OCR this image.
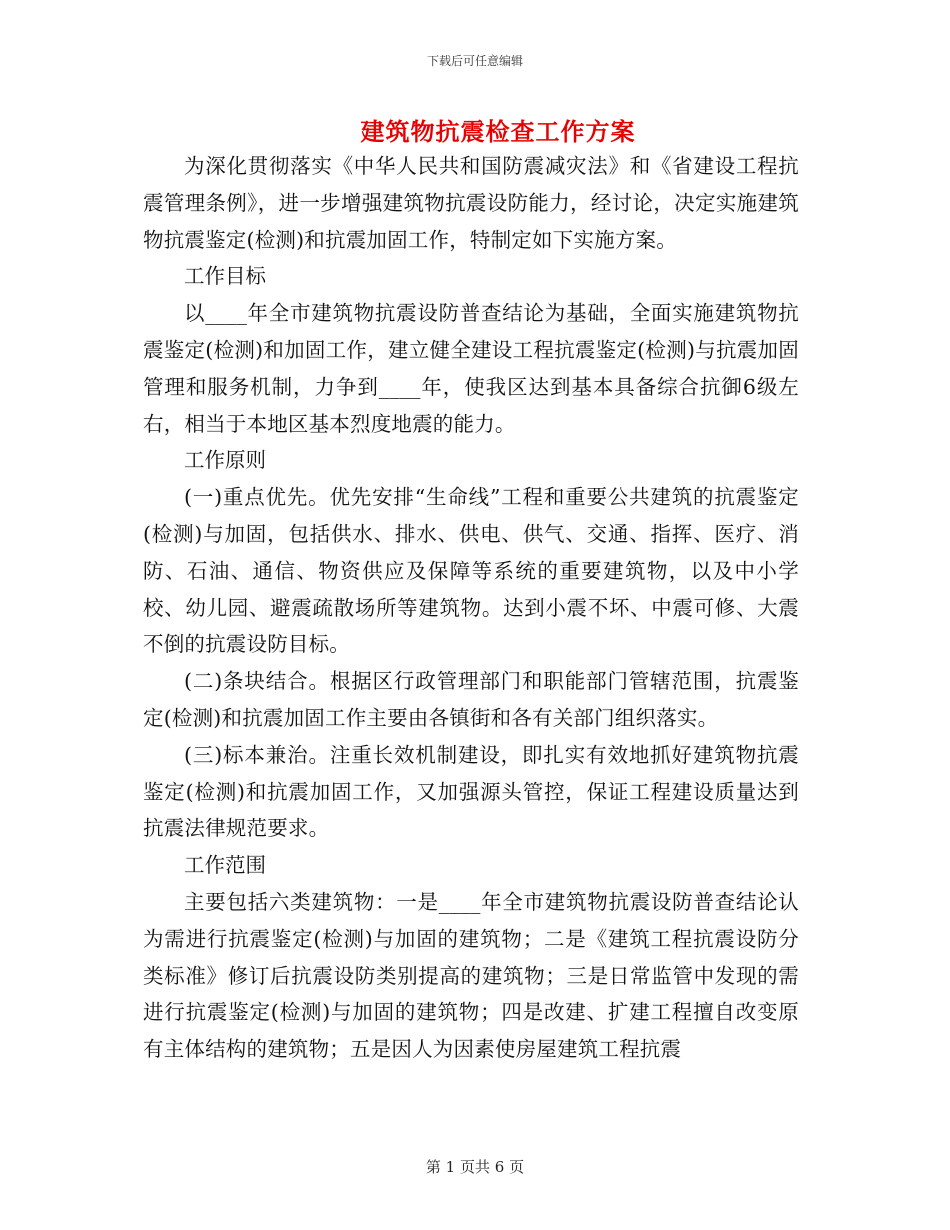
下载后可任意编辑
建筑物抗震检查工作方案

为深化贯彻落实《中华人民共和国防震减灾法》和《省建设工程抗震管理条例》，进一步增强建筑物抗震设防能力，经讨论，决定实施建筑物抗震鉴定(检测)和抗震加固工作，特制定如下实施方案。

工作目标

以____年全市建筑物抗震设防普查结论为基础，全面实施建筑物抗震鉴定(检测)和加固工作，建立健全建设工程抗震鉴定(检测)与抗震加固管理和服务机制，力争到____年，使我区达到基本具备综合抗御6级左右，相当于本地区基本烈度地震的能力。

工作原则

(一)重点优先。优先安排“生命线”工程和重要公共建筑的抗震鉴定(检测)与加固，包括供水、排水、供电、供气、交通、指挥、医疗、消防、石油、通信、物资供应及保障等系统的重要建筑物，以及中小学校、幼儿园、避震疏散场所等建筑物。达到小震不坏、中震可修、大震不倒的抗震设防目标。

(二)条块结合。根据区行政管理部门和职能部门管辖范围，抗震鉴定(检测)和抗震加固工作主要由各镇街和各有关部门组织落实。

(三)标本兼治。注重长效机制建设，即扎实有效地抓好建筑物抗震鉴定(检测)和抗震加固工作，又加强源头管控，保证工程建设质量达到抗震法律规范要求。

工作范围

主要包括六类建筑物：一是____年全市建筑物抗震设防普查结论认为需进行抗震鉴定(检测)与加固的建筑物；二是《建筑工程抗震设防分类标准》修订后抗震设防类别提高的建筑物；三是日常监管中发现的需进行抗震鉴定(检测)与加固的建筑物；四是改建、扩建工程擅自改变原有主体结构的建筑物；五是因人为因素使房屋建筑工程抗震

第 1 页共 6 页
